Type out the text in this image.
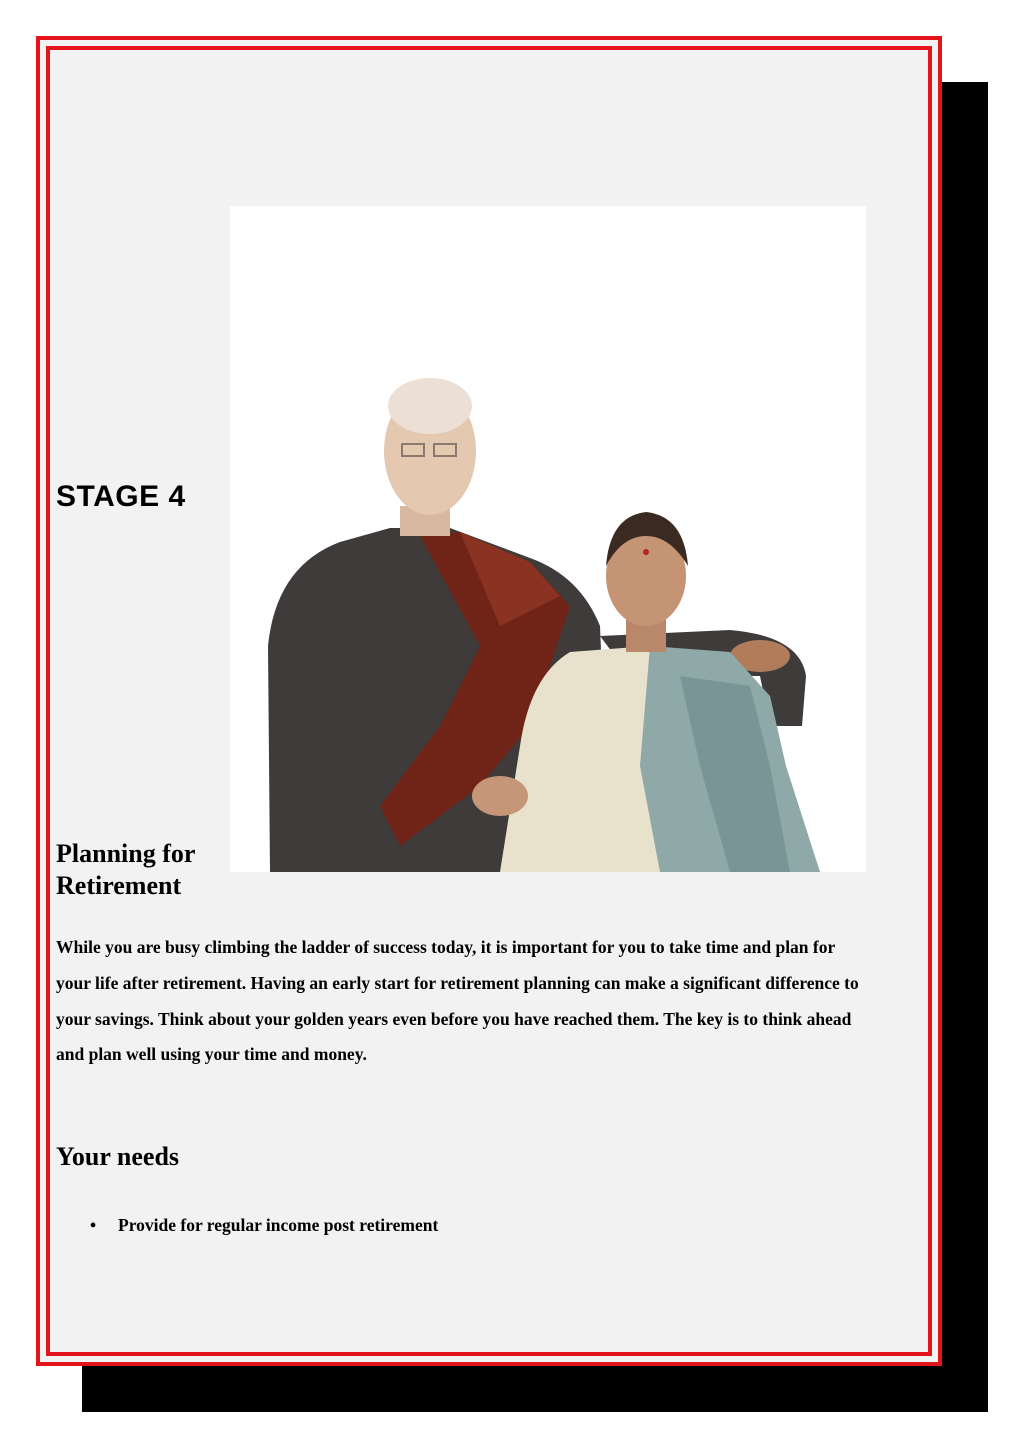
STAGE 4
Planning for Retirement

While you are busy climbing the ladder of success today, it is important for you to take time and plan for your life after retirement. Having an early start for retirement planning can make a significant difference to your savings. Think about your golden years even before you have reached them. The key is to think ahead and plan well using your time and money.

Your needs
• Provide for regular income post retirement
